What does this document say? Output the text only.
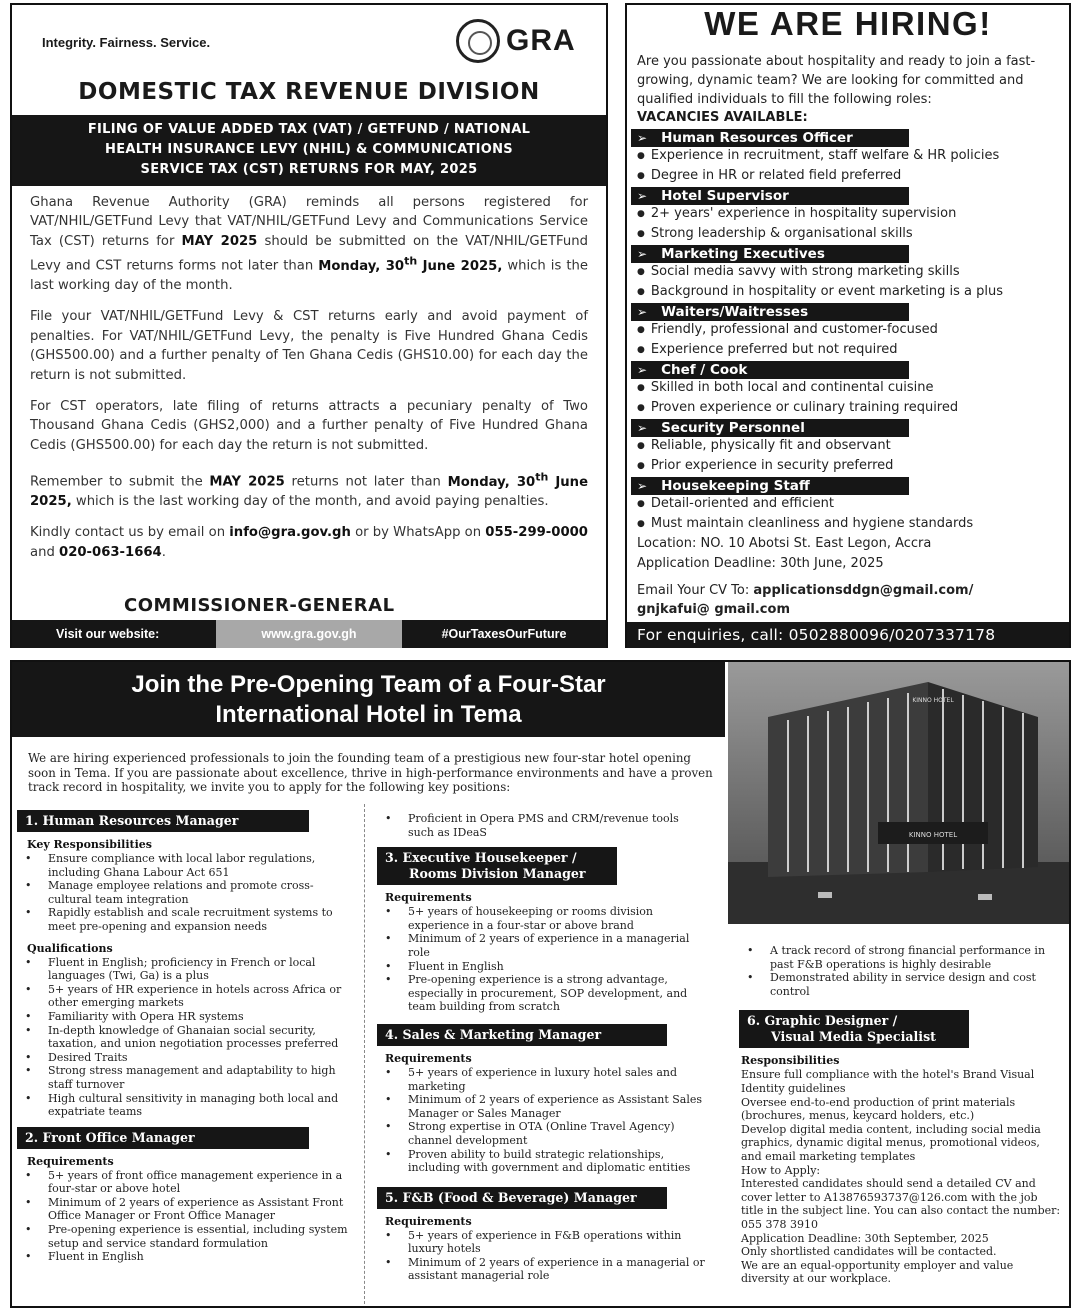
Integrity. Fairness. Service.	GRA
DOMESTIC TAX REVENUE DIVISION
FILING OF VALUE ADDED TAX (VAT) / GETFUND / NATIONAL
HEALTH INSURANCE LEVY (NHIL) & COMMUNICATIONS
SERVICE TAX (CST) RETURNS FOR MAY, 2025

Ghana Revenue Authority (GRA) reminds all persons registered for VAT/NHIL/GETFund Levy that VAT/NHIL/GETFund Levy and Communications Service Tax (CST) returns for MAY 2025 should be submitted on the VAT/NHIL/GETFund Levy and CST returns forms not later than Monday, 30th June 2025, which is the last working day of the month.

File your VAT/NHIL/GETFund Levy & CST returns early and avoid payment of penalties. For VAT/NHIL/GETFund Levy, the penalty is Five Hundred Ghana Cedis (GHS500.00) and a further penalty of Ten Ghana Cedis (GHS10.00) for each day the return is not submitted.

For CST operators, late filing of returns attracts a pecuniary penalty of Two Thousand Ghana Cedis (GHS2,000) and a further penalty of Five Hundred Ghana Cedis (GHS500.00) for each day the return is not submitted.

Remember to submit the MAY 2025 returns not later than Monday, 30th June 2025, which is the last working day of the month, and avoid paying penalties.

Kindly contact us by email on info@gra.gov.gh or by WhatsApp on 055-299-0000 and 020-063-1664.

COMMISSIONER-GENERAL
Visit our website:	www.gra.gov.gh	#OurTaxesOurFuture
WE ARE HIRING!
Are you passionate about hospitality and ready to join a fast-growing, dynamic team? We are looking for committed and qualified individuals to fill the following roles:
VACANCIES AVAILABLE:
➢ Human Resources Officer
● Experience in recruitment, staff welfare & HR policies
● Degree in HR or related field preferred
➢ Hotel Supervisor
● 2+ years' experience in hospitality supervision
● Strong leadership & organisational skills
➢ Marketing Executives
● Social media savvy with strong marketing skills
● Background in hospitality or event marketing is a plus
➢ Waiters/Waitresses
● Friendly, professional and customer-focused
● Experience preferred but not required
➢ Chef / Cook
● Skilled in both local and continental cuisine
● Proven experience or culinary training required
➢ Security Personnel
● Reliable, physically fit and observant
● Prior experience in security preferred
➢ Housekeeping Staff
● Detail-oriented and efficient
● Must maintain cleanliness and hygiene standards
Location: NO. 10 Abotsi St. East Legon, Accra
Application Deadline: 30th June, 2025
Email Your CV To: applicationsddgn@gmail.com/
gnjkafui@ gmail.com
For enquiries, call: 0502880096/0207337178
Join the Pre-Opening Team of a Four-Star
International Hotel in Tema
KINNO HOTEL
KINNO HOTEL
We are hiring experienced professionals to join the founding team of a prestigious new four-star hotel opening soon in Tema. If you are passionate about excellence, thrive in high-performance environments and have a proven track record in hospitality, we invite you to apply for the following key positions:
1. Human Resources Manager
Key Responsibilities
• Ensure compliance with local labor regulations, including Ghana Labour Act 651
• Manage employee relations and promote cross-cultural team integration
• Rapidly establish and scale recruitment systems to meet pre-opening and expansion needs
Qualifications
• Fluent in English; proficiency in French or local languages (Twi, Ga) is a plus
• 5+ years of HR experience in hotels across Africa or other emerging markets
• Familiarity with Opera HR systems
• In-depth knowledge of Ghanaian social security, taxation, and union negotiation processes preferred
• Desired Traits
• Strong stress management and adaptability to high staff turnover
• High cultural sensitivity in managing both local and expatriate teams
2. Front Office Manager
Requirements
• 5+ years of front office management experience in a four-star or above hotel
• Minimum of 2 years of experience as Assistant Front Office Manager or Front Office Manager
• Pre-opening experience is essential, including system setup and service standard formulation
• Fluent in English
• Proficient in Opera PMS and CRM/revenue tools such as IDeaS
3. Executive Housekeeper /
Rooms Division Manager
Requirements
• 5+ years of housekeeping or rooms division experience in a four-star or above brand
• Minimum of 2 years of experience in a managerial role
• Fluent in English
• Pre-opening experience is a strong advantage, especially in procurement, SOP development, and team building from scratch
4. Sales & Marketing Manager
Requirements
• 5+ years of experience in luxury hotel sales and marketing
• Minimum of 2 years of experience as Assistant Sales Manager or Sales Manager
• Strong expertise in OTA (Online Travel Agency) channel development
• Proven ability to build strategic relationships, including with government and diplomatic entities
5. F&B (Food & Beverage) Manager
Requirements
• 5+ years of experience in F&B operations within luxury hotels
• Minimum of 2 years of experience in a managerial or assistant managerial role
• A track record of strong financial performance in past F&B operations is highly desirable
• Demonstrated ability in service design and cost control
6. Graphic Designer /
Visual Media Specialist
Responsibilities
Ensure full compliance with the hotel's Brand Visual Identity guidelines
Oversee end-to-end production of print materials (brochures, menus, keycard holders, etc.)
Develop digital media content, including social media graphics, dynamic digital menus, promotional videos, and email marketing templates
How to Apply:
Interested candidates should send a detailed CV and cover letter to A13876593737@126.com with the job title in the subject line. You can also contact the number: 055 378 3910
Application Deadline: 30th September, 2025
Only shortlisted candidates will be contacted.
We are an equal-opportunity employer and value diversity at our workplace.
